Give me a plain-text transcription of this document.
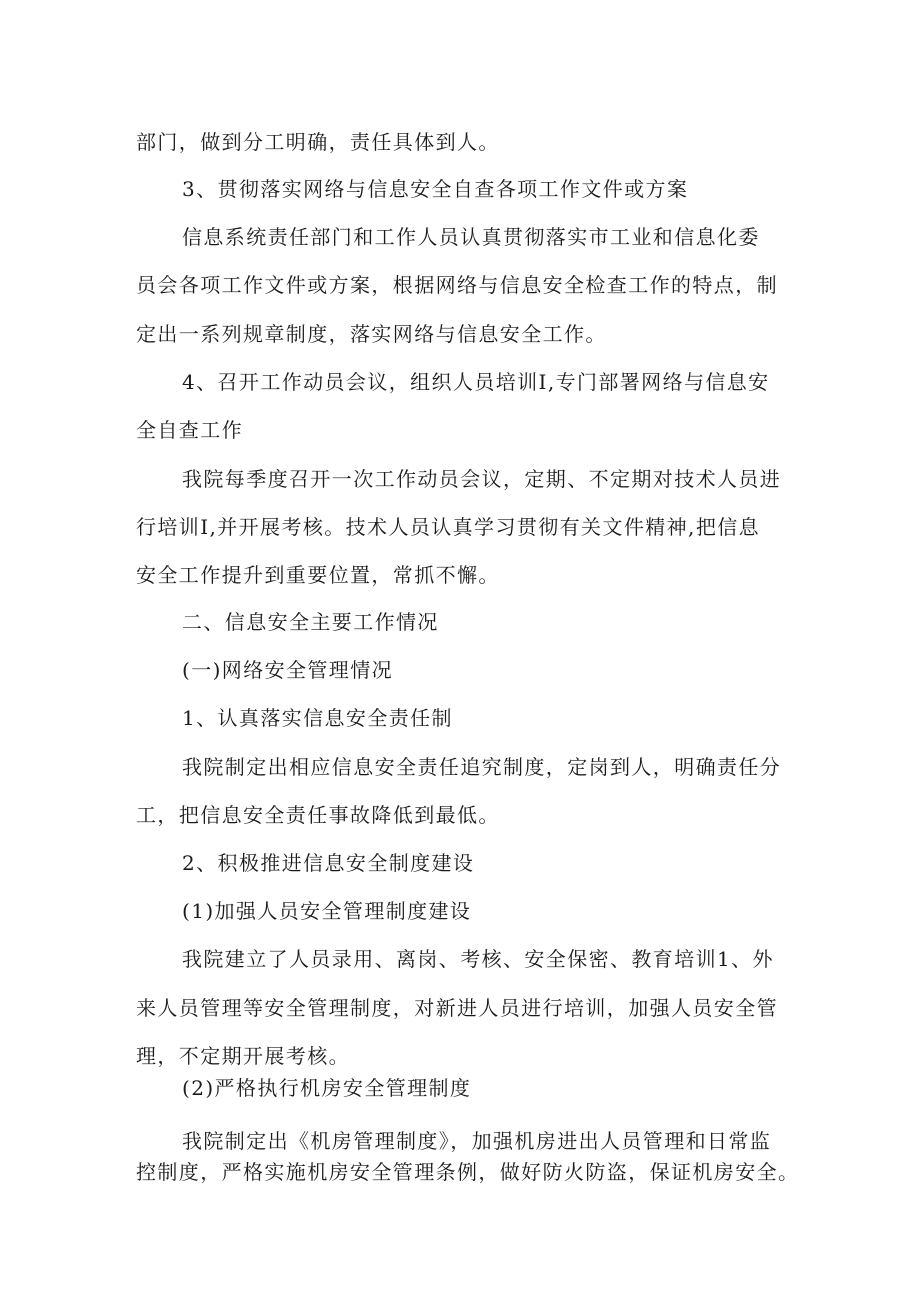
部门，做到分工明确，责任具体到人。
3、贯彻落实网络与信息安全自查各项工作文件或方案
信息系统责任部门和工作人员认真贯彻落实市工业和信息化委
员会各项工作文件或方案，根据网络与信息安全检查工作的特点，制
定出一系列规章制度，落实网络与信息安全工作。
4、召开工作动员会议，组织人员培训Ⅰ,专门部署网络与信息安
全自查工作
我院每季度召开一次工作动员会议，定期、不定期对技术人员进
行培训Ⅰ,并开展考核。技术人员认真学习贯彻有关文件精神,把信息
安全工作提升到重要位置，常抓不懈。
二、信息安全主要工作情况
(一)网络安全管理情况
1、认真落实信息安全责任制
我院制定出相应信息安全责任追究制度，定岗到人，明确责任分
工，把信息安全责任事故降低到最低。
2、积极推进信息安全制度建设
(1)加强人员安全管理制度建设
我院建立了人员录用、离岗、考核、安全保密、教育培训1、外
来人员管理等安全管理制度，对新进人员进行培训，加强人员安全管
理，不定期开展考核。
(2)严格执行机房安全管理制度
我院制定出《机房管理制度》，加强机房进出人员管理和日常监
控制度，严格实施机房安全管理条例，做好防火防盗，保证机房安全。
